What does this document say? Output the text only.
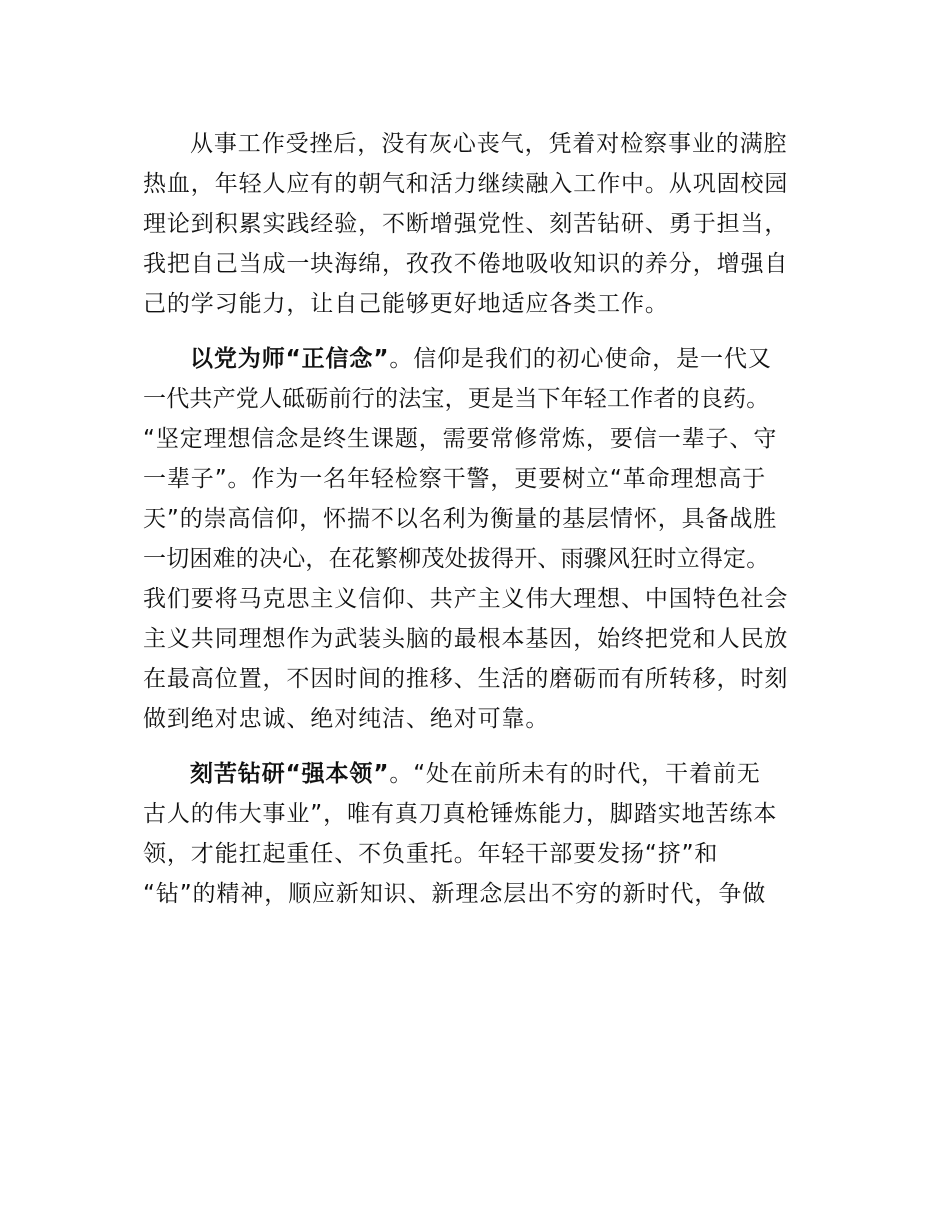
从事工作受挫后，没有灰心丧气，凭着对检察事业的满腔
热血，年轻人应有的朝气和活力继续融入工作中。从巩固校园
理论到积累实践经验，不断增强党性、刻苦钻研、勇于担当，
我把自己当成一块海绵，孜孜不倦地吸收知识的养分，增强自
己的学习能力，让自己能够更好地适应各类工作。

以党为师“正信念”。信仰是我们的初心使命，是一代又
一代共产党人砥砺前行的法宝，更是当下年轻工作者的良药。
“坚定理想信念是终生课题，需要常修常炼，要信一辈子、守
一辈子”。作为一名年轻检察干警，更要树立“革命理想高于
天”的崇高信仰，怀揣不以名利为衡量的基层情怀，具备战胜
一切困难的决心，在花繁柳茂处拔得开、雨骤风狂时立得定。
我们要将马克思主义信仰、共产主义伟大理想、中国特色社会
主义共同理想作为武装头脑的最根本基因，始终把党和人民放
在最高位置，不因时间的推移、生活的磨砺而有所转移，时刻
做到绝对忠诚、绝对纯洁、绝对可靠。

刻苦钻研“强本领”。“处在前所未有的时代，干着前无
古人的伟大事业”，唯有真刀真枪锤炼能力，脚踏实地苦练本
领，才能扛起重任、不负重托。年轻干部要发扬“挤”和
“钻”的精神，顺应新知识、新理念层出不穷的新时代，争做
